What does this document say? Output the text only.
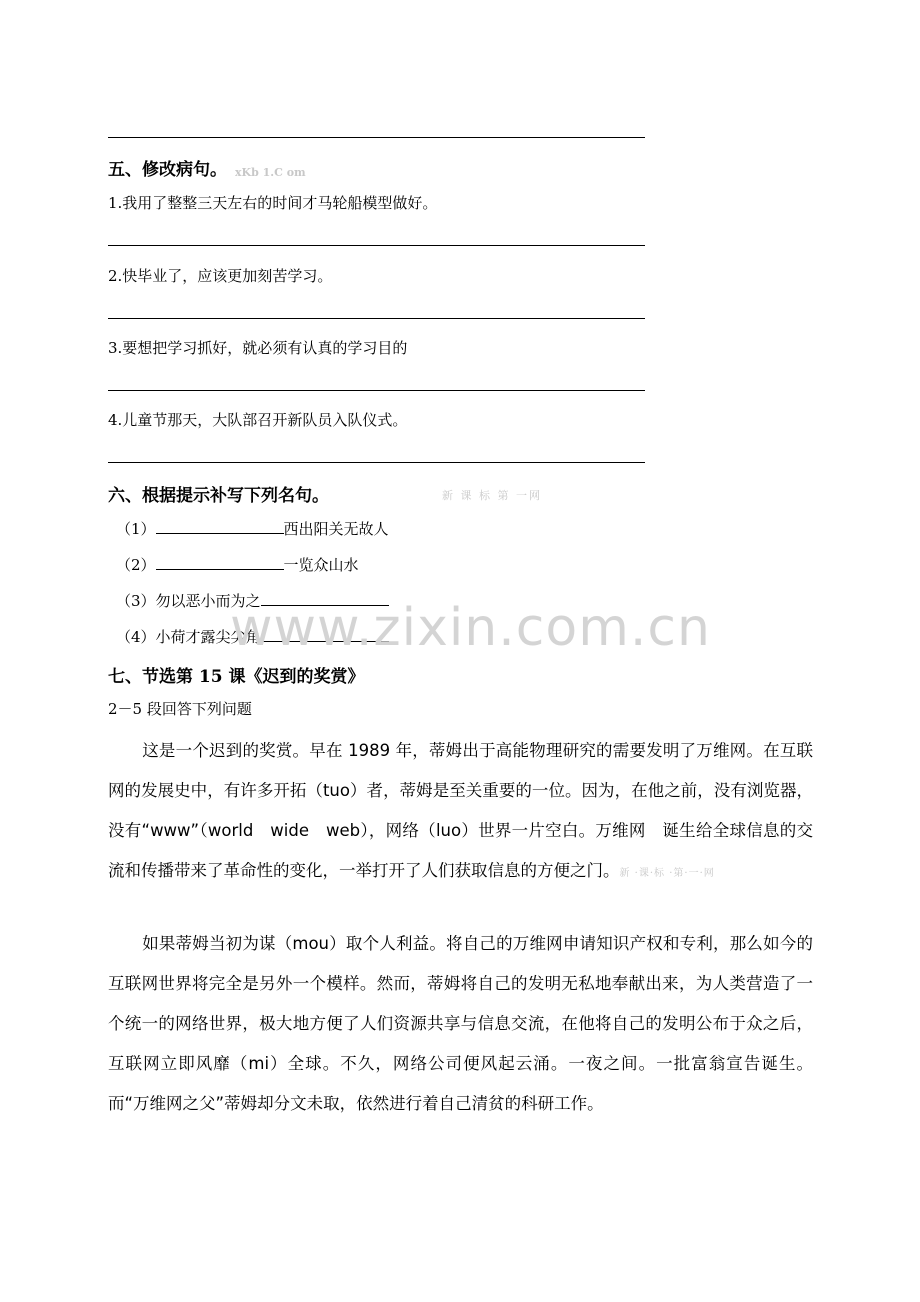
五、修改病句。 xKb 1.C om
1.我用了整整三天左右的时间才马轮船模型做好。
2.快毕业了，应该更加刻苦学习。
3.要想把学习抓好，就必须有认真的学习目的
4.儿童节那天，大队部召开新队员入队仪式。
六、根据提示补写下列名句。	新 课 标 第 一网
（1）	西出阳关无故人
（2）	一览众山水
（3）勿以恶小而为之
（4）小荷才露尖尖角
www.zixin.com.cn
七、节选第 15 课《迟到的奖赏》
2－5 段回答下列问题
这是一个迟到的奖赏。早在 1989 年，蒂姆出于高能物理研究的需要发明了万维网。在互联网的发展史中，有许多开拓（tuo）者，蒂姆是至关重要的一位。因为，在他之前，没有浏览器，没有“www”（world　wide　web），网络（luo）世界一片空白。万维网　诞生给全球信息的交流和传播带来了革命性的变化，一举打开了人们获取信息的方便之门。新 ·课·标 ·第·一·网
如果蒂姆当初为谋（mou）取个人利益。将自己的万维网申请知识产权和专利，那么如今的互联网世界将完全是另外一个模样。然而，蒂姆将自己的发明无私地奉献出来，为人类营造了一个统一的网络世界，极大地方便了人们资源共享与信息交流，在他将自己的发明公布于众之后，互联网立即风靡（mi）全球。不久，网络公司便风起云涌。一夜之间。一批富翁宣告诞生。而“万维网之父”蒂姆却分文未取，依然进行着自己清贫的科研工作。
